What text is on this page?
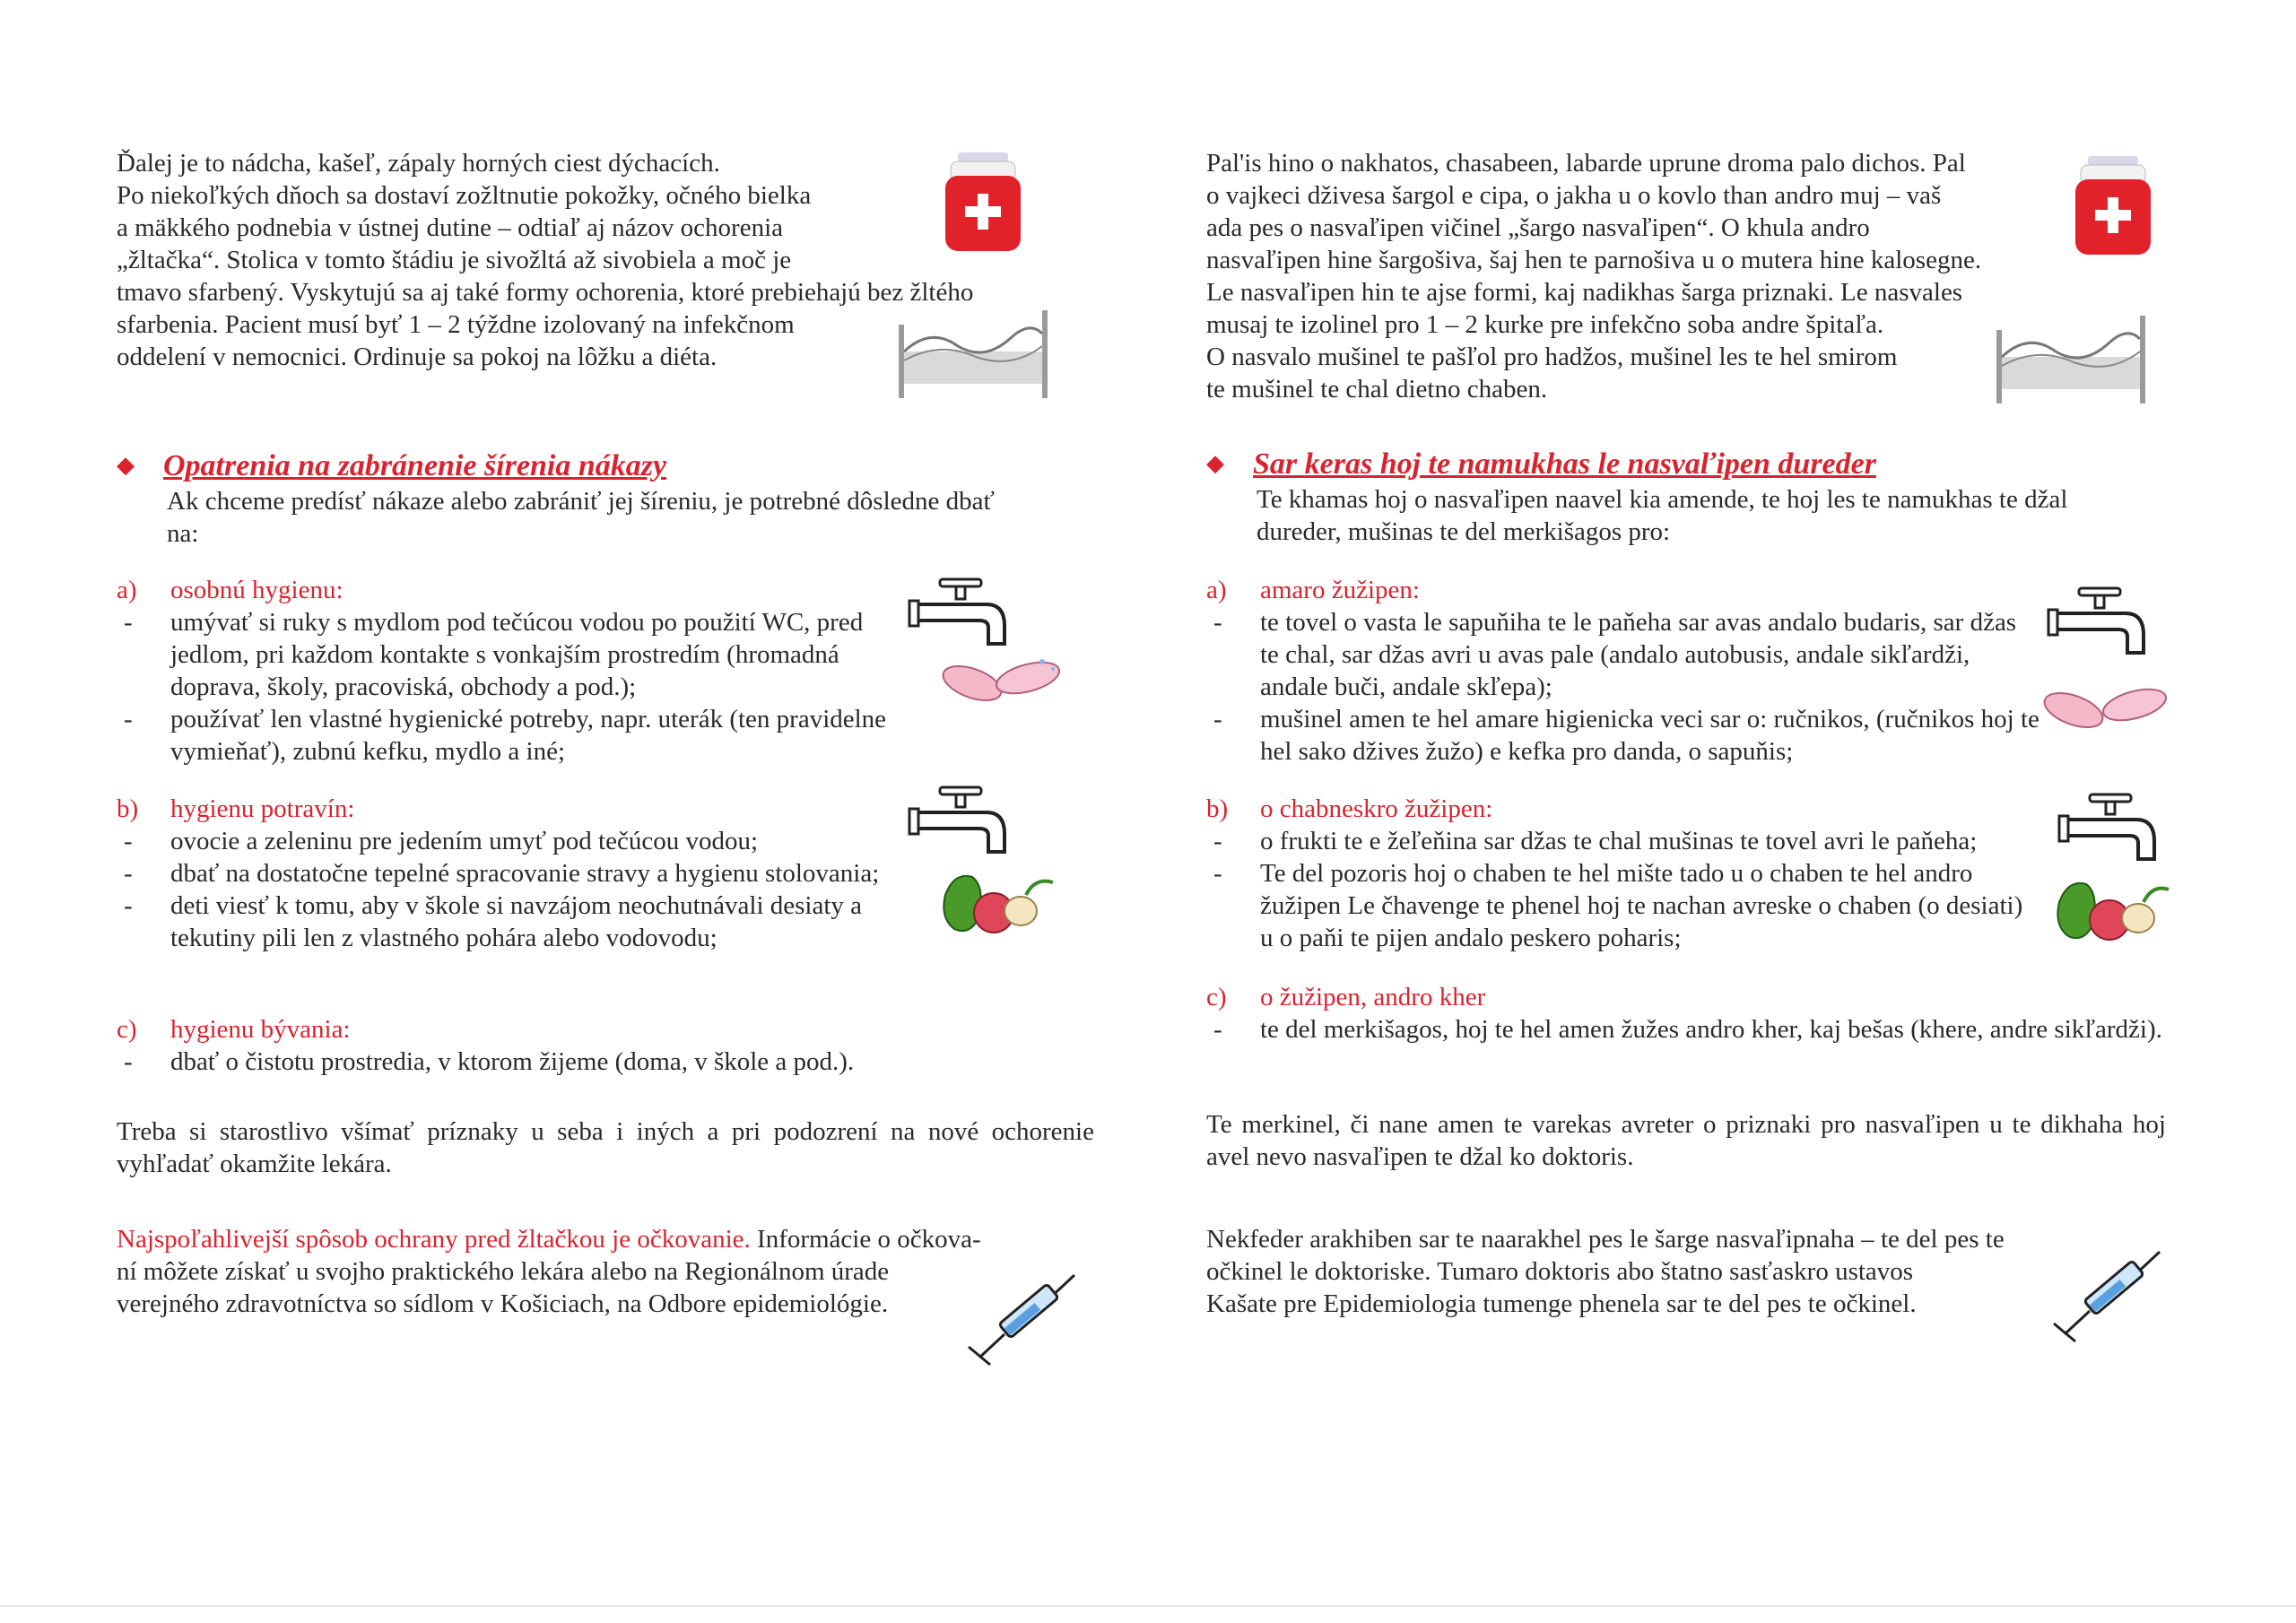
Ďalej je to nádcha, kašeľ, zápaly horných ciest dýchacích.
Po niekoľkých dňoch sa dostaví zožltnutie pokožky, očného bielka
a mäkkého podnebia v ústnej dutine – odtiaľ aj názov ochorenia
„žltačka“. Stolica v tomto štádiu je sivožltá až sivobiela a moč je
tmavo sfarbený. Vyskytujú sa aj také formy ochorenia, ktoré prebiehajú bez žltého
sfarbenia. Pacient musí byť 1 – 2 týždne izolovaný na infekčnom
oddelení v nemocnici. Ordinuje sa pokoj na lôžku a diéta.
◆ Opatrenia na zabránenie šírenia nákazy
Ak chceme predísť nákaze alebo zabrániť jej šíreniu, je potrebné dôsledne dbať
na:
a) osobnú hygienu:
- umývať si ruky s mydlom pod tečúcou vodou po použití WC, pred jedlom, pri každom kontakte s vonkajším prostredím (hromadná doprava, školy, pracoviská, obchody a pod.);
- používať len vlastné hygienické potreby, napr. uterák (ten pravidelne vymieňať), zubnú kefku, mydlo a iné;
b) hygienu potravín:
- ovocie a zeleninu pre jedením umyť pod tečúcou vodou;
- dbať na dostatočne tepelné spracovanie stravy a hygienu stolovania;
- deti viesť k tomu, aby v škole si navzájom neochutnávali desiaty a tekutiny pili len z vlastného pohára alebo vodovodu;
c) hygienu bývania:
- dbať o čistotu prostredia, v ktorom žijeme (doma, v škole a pod.).
Treba si starostlivo všímať príznaky u seba i iných a pri podozrení na nové ochorenie vyhľadať okamžite lekára.
Najspoľahlivejší spôsob ochrany pred žltačkou je očkovanie. Informácie o očkova-
ní môžete získať u svojho praktického lekára alebo na Regionálnom úrade
verejného zdravotníctva so sídlom v Košiciach, na Odbore epidemiológie.
Pal'is hino o nakhatos, chasabeen, labarde uprune droma palo dichos. Pal
o vajkeci dživesa šargol e cipa, o jakha u o kovlo than andro muj – vaš
ada pes o nasvaľipen vičinel „šargo nasvaľipen“. O khula andro
nasvaľipen hine šargošiva, šaj hen te parnošiva u o mutera hine kalosegne.
Le nasvaľipen hin te ajse formi, kaj nadikhas šarga priznaki. Le nasvales
musaj te izolinel pro 1 – 2 kurke pre infekčno soba andre špitaľa.
O nasvalo mušinel te pašľol pro hadžos, mušinel les te hel smirom
te mušinel te chal dietno chaben.
◆ Sar keras hoj te namukhas le nasvaľipen dureder
Te khamas hoj o nasvaľipen naavel kia amende, te hoj les te namukhas te džal
dureder, mušinas te del merkišagos pro:
a) amaro žužipen:
- te tovel o vasta le sapuňiha te le paňeha sar avas andalo budaris, sar džas te chal, sar džas avri u avas pale (andalo autobusis, andale sikľardži, andale buči, andale skľepa);
- mušinel amen te hel amare higienicka veci sar o: ručnikos, (ručnikos hoj te hel sako džives žužo) e kefka pro danda, o sapuňis;
b) o chabneskro žužipen:
- o frukti te e žeľeňina sar džas te chal mušinas te tovel avri le paňeha;
- Te del pozoris hoj o chaben te hel mište tado u o chaben te hel andro žužipen Le čhavenge te phenel hoj te nachan avreske o chaben (o desiati) u o paňi te pijen andalo peskero poharis;
c) o žužipen, andro kher
- te del merkišagos, hoj te hel amen žužes andro kher, kaj bešas (khere, andre sikľardži).
Te merkinel, či nane amen te varekas avreter o priznaki pro nasvaľipen u te dikhaha hoj avel nevo nasvaľipen te džal ko doktoris.
Nekfeder arakhiben sar te naarakhel pes le šarge nasvaľipnaha – te del pes te
očkinel le doktoriske. Tumaro doktoris abo štatno sasťaskro ustavos
Kašate pre Epidemiologia tumenge phenela sar te del pes te očkinel.
